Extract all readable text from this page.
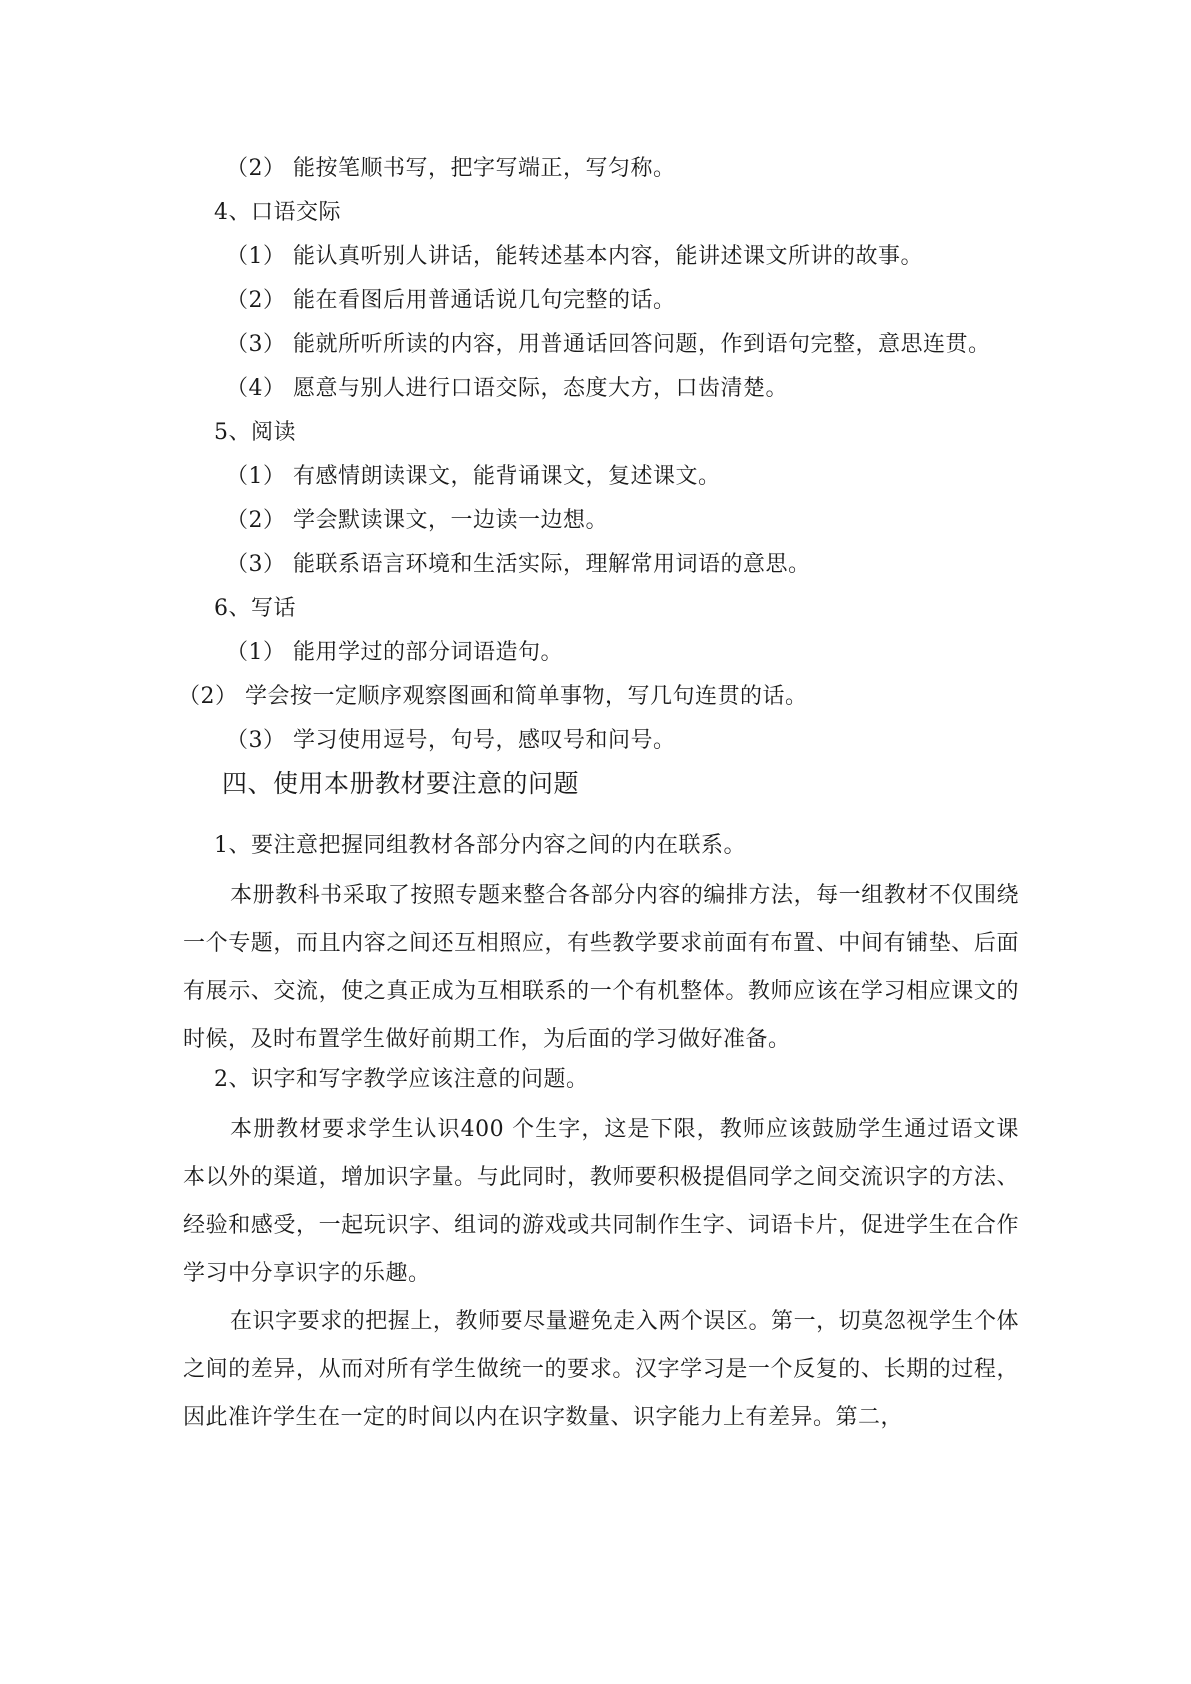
（2） 能按笔顺书写，把字写端正，写匀称。

4、口语交际

（1） 能认真听别人讲话，能转述基本内容，能讲述课文所讲的故事。

（2） 能在看图后用普通话说几句完整的话。

（3） 能就所听所读的内容，用普通话回答问题，作到语句完整，意思连贯。

（4） 愿意与别人进行口语交际，态度大方，口齿清楚。

5、阅读

（1） 有感情朗读课文，能背诵课文，复述课文。

（2） 学会默读课文，一边读一边想。

（3） 能联系语言环境和生活实际，理解常用词语的意思。

6、写话

（1） 能用学过的部分词语造句。

（2） 学会按一定顺序观察图画和简单事物，写几句连贯的话。

（3） 学习使用逗号，句号，感叹号和问号。

四、使用本册教材要注意的问题

1、要注意把握同组教材各部分内容之间的内在联系。

本册教科书采取了按照专题来整合各部分内容的编排方法，每一组教材不仅围绕一个专题，而且内容之间还互相照应，有些教学要求前面有布置、中间有铺垫、后面有展示、交流，使之真正成为互相联系的一个有机整体。教师应该在学习相应课文的时候，及时布置学生做好前期工作，为后面的学习做好准备。

2、识字和写字教学应该注意的问题。

本册教材要求学生认识400 个生字，这是下限，教师应该鼓励学生通过语文课本以外的渠道，增加识字量。与此同时，教师要积极提倡同学之间交流识字的方法、经验和感受，一起玩识字、组词的游戏或共同制作生字、词语卡片，促进学生在合作学习中分享识字的乐趣。

在识字要求的把握上，教师要尽量避免走入两个误区。第一，切莫忽视学生个体之间的差异，从而对所有学生做统一的要求。汉字学习是一个反复的、长期的过程，因此准许学生在一定的时间以内在识字数量、识字能力上有差异。第二，
